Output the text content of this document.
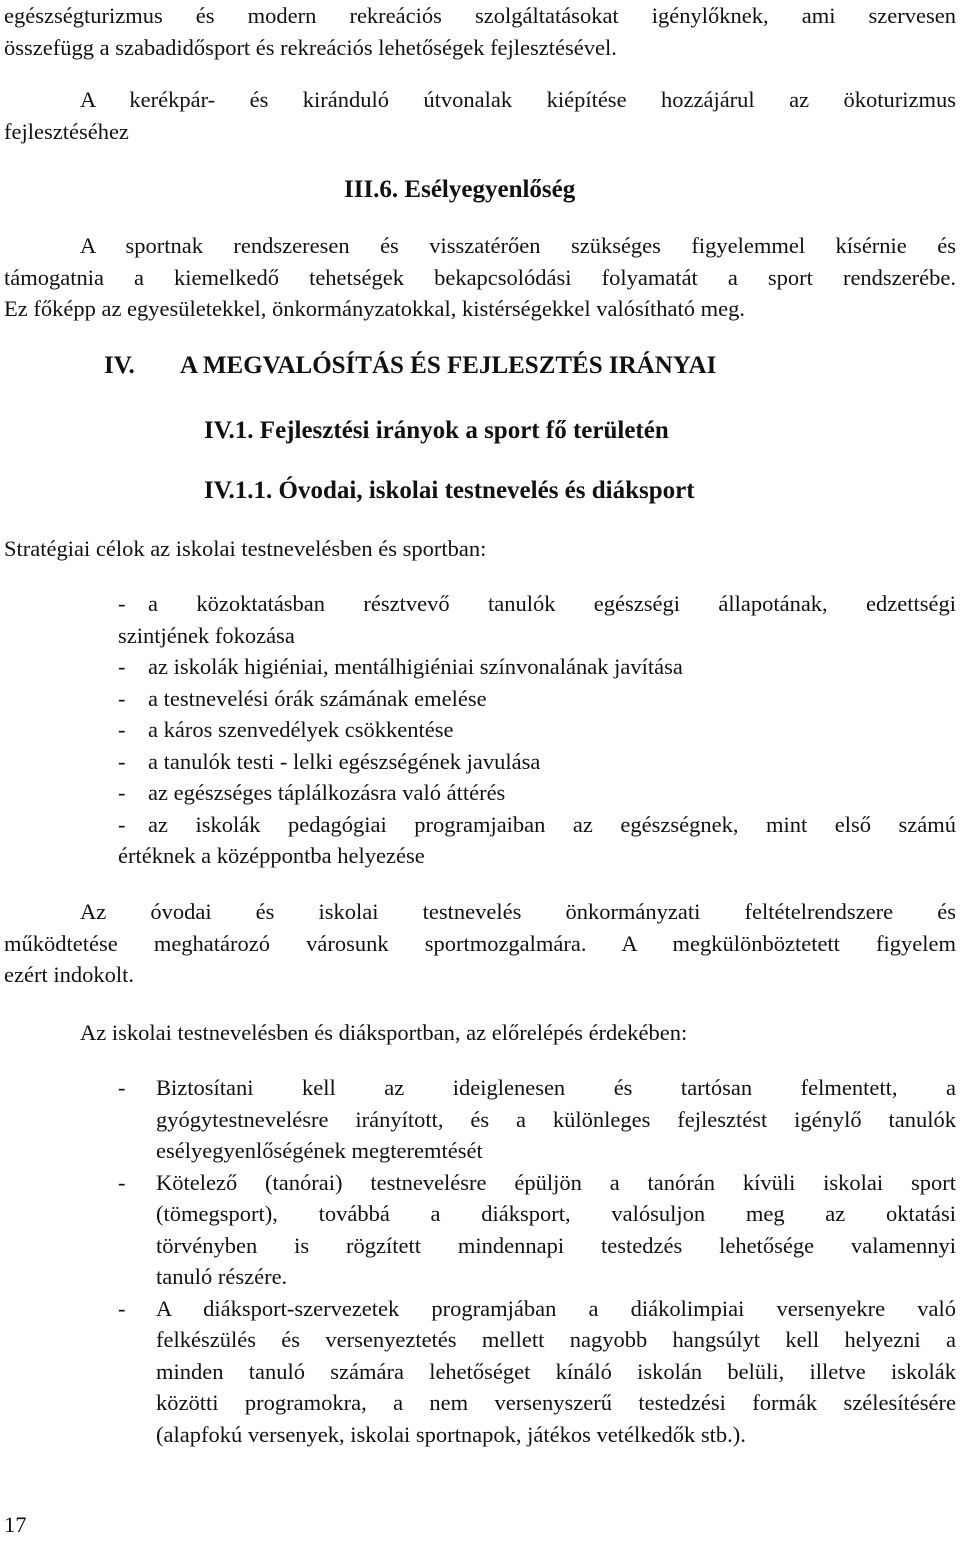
egészségturizmus és modern rekreációs szolgáltatásokat igénylőknek, ami szervesen
összefügg a szabadidősport és rekreációs lehetőségek fejlesztésével.
A kerékpár- és kiránduló útvonalak kiépítése hozzájárul az ökoturizmus
fejlesztéséhez
III.6. Esélyegyenlőség
A sportnak rendszeresen és visszatérően szükséges figyelemmel kísérnie és
támogatnia a kiemelkedő tehetségek bekapcsolódási folyamatát a sport rendszerébe.
Ez főképp az egyesületekkel, önkormányzatokkal, kistérségekkel valósítható meg.
IV. A MEGVALÓSÍTÁS ÉS FEJLESZTÉS IRÁNYAI
IV.1. Fejlesztési irányok a sport fő területén
IV.1.1. Óvodai, iskolai testnevelés és diáksport
Stratégiai célok az iskolai testnevelésben és sportban:
- a közoktatásban résztvevő tanulók egészségi állapotának, edzettségi
szintjének fokozása
- az iskolák higiéniai, mentálhigiéniai színvonalának javítása
- a testnevelési órák számának emelése
- a káros szenvedélyek csökkentése
- a tanulók testi - lelki egészségének javulása
- az egészséges táplálkozásra való áttérés
- az iskolák pedagógiai programjaiban az egészségnek, mint első számú
értéknek a középpontba helyezése
Az óvodai és iskolai testnevelés önkormányzati feltételrendszere és
működtetése meghatározó városunk sportmozgalmára. A megkülönböztetett figyelem
ezért indokolt.
Az iskolai testnevelésben és diáksportban, az előrelépés érdekében:
- Biztosítani kell az ideiglenesen és tartósan felmentett, a
gyógytestnevelésre irányított, és a különleges fejlesztést igénylő tanulók
esélyegyenlőségének megteremtését
- Kötelező (tanórai) testnevelésre épüljön a tanórán kívüli iskolai sport
(tömegsport), továbbá a diáksport, valósuljon meg az oktatási
törvényben is rögzített mindennapi testedzés lehetősége valamennyi
tanuló részére.
- A diáksport-szervezetek programjában a diákolimpiai versenyekre való
felkészülés és versenyeztetés mellett nagyobb hangsúlyt kell helyezni a
minden tanuló számára lehetőséget kínáló iskolán belüli, illetve iskolák
közötti programokra, a nem versenyszerű testedzési formák szélesítésére
(alapfokú versenyek, iskolai sportnapok, játékos vetélkedők stb.).
17
